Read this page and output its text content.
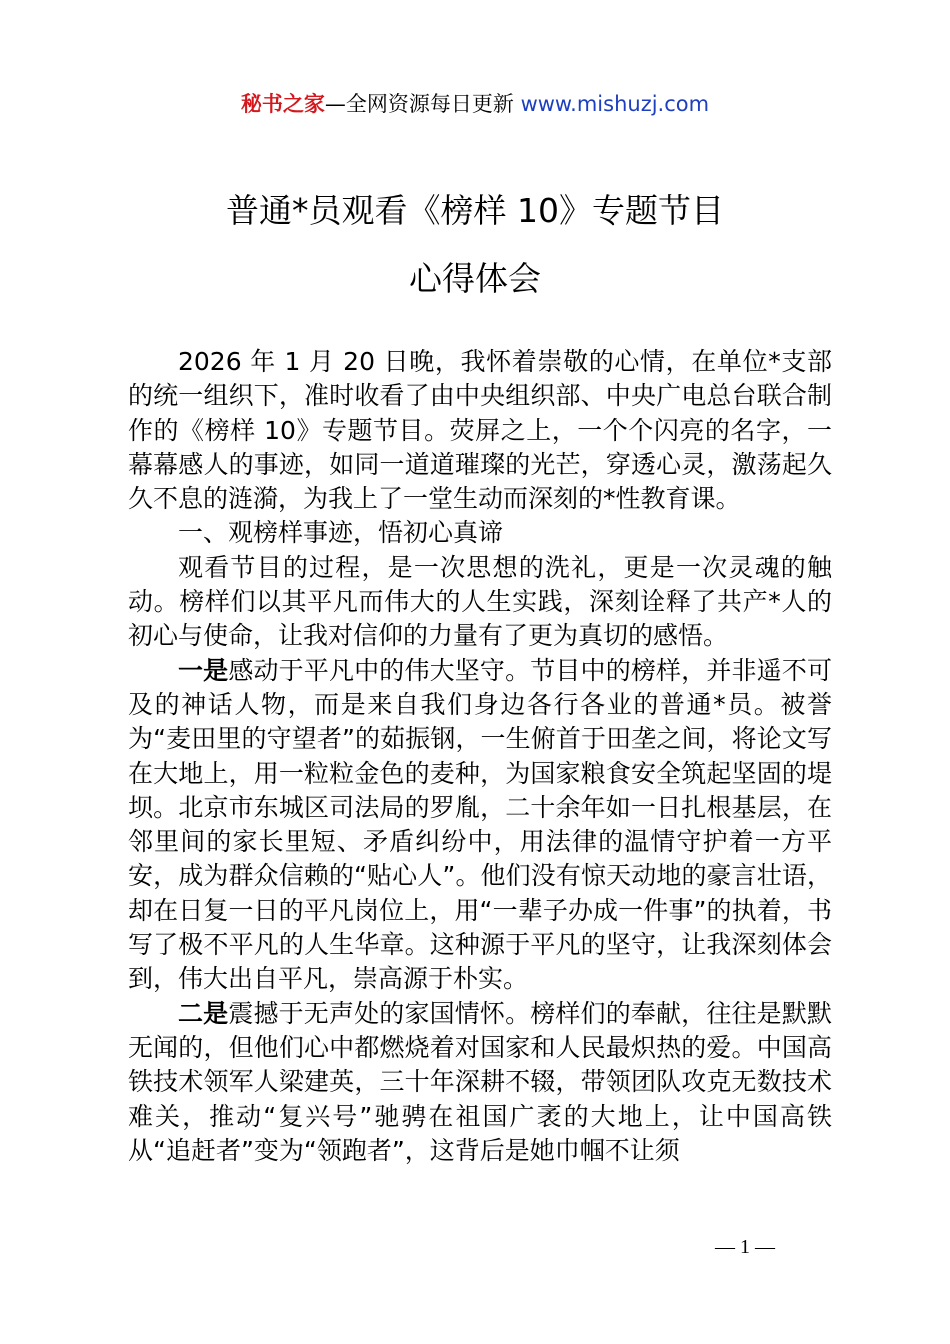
秘书之家—全网资源每日更新 www.mishuzj.com
普通*员观看《榜样 10》专题节目
心得体会

2026 年 1 月 20 日晚，我怀着崇敬的心情，在单位*支部的统一组织下，准时收看了由中央组织部、中央广电总台联合制作的《榜样 10》专题节目。荧屏之上，一个个闪亮的名字，一幕幕感人的事迹，如同一道道璀璨的光芒，穿透心灵，激荡起久久不息的涟漪，为我上了一堂生动而深刻的*性教育课。

一、观榜样事迹，悟初心真谛

观看节目的过程，是一次思想的洗礼，更是一次灵魂的触动。榜样们以其平凡而伟大的人生实践，深刻诠释了共产*人的初心与使命，让我对信仰的力量有了更为真切的感悟。

一是感动于平凡中的伟大坚守。节目中的榜样，并非遥不可及的神话人物，而是来自我们身边各行各业的普通*员。被誉为“麦田里的守望者”的茹振钢，一生俯首于田垄之间，将论文写在大地上，用一粒粒金色的麦种，为国家粮食安全筑起坚固的堤坝。北京市东城区司法局的罗胤，二十余年如一日扎根基层，在邻里间的家长里短、矛盾纠纷中，用法律的温情守护着一方平安，成为群众信赖的“贴心人”。他们没有惊天动地的豪言壮语，却在日复一日的平凡岗位上，用“一辈子办成一件事”的执着，书写了极不平凡的人生华章。这种源于平凡的坚守，让我深刻体会到，伟大出自平凡，崇高源于朴实。

二是震撼于无声处的家国情怀。榜样们的奉献，往往是默默无闻的，但他们心中都燃烧着对国家和人民最炽热的爱。中国高铁技术领军人梁建英，三十年深耕不辍，带领团队攻克无数技术难关，推动“复兴号”驰骋在祖国广袤的大地上，让中国高铁从“追赶者”变为“领跑者”，这背后是她巾帼不让须

— 1 —
